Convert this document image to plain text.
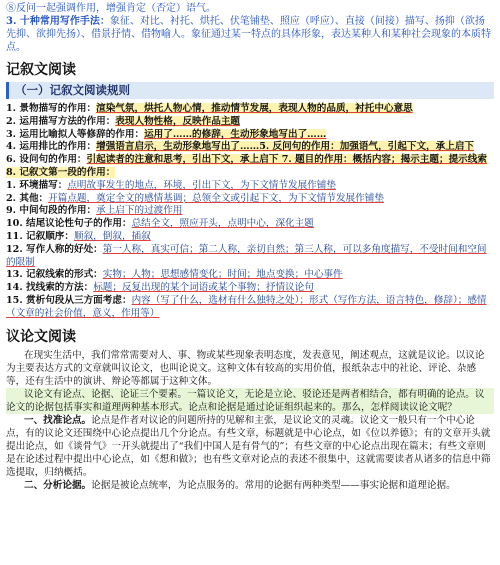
⑧反问一起强调作用，增强肯定（否定）语气。

3. 十种常用写作手法：象征、对比、衬托、烘托、伏笔铺垫、照应（呼应）、直接（间接）描写、扬抑（欲扬先抑、欲抑先扬）、借景抒情、借物喻人。象征通过某一特点的具体形象，表达某种人和某种社会现象的本质特点。

记叙文阅读
（一）记叙文阅读规则

1. 景物描写的作用：渲染气氛，烘托人物心情，推动情节发展，表现人物的品质，衬托中心意思

2. 运用描写方法的作用：表现人物性格，反映作品主题

3. 运用比喻拟人等修辞的作用：运用了……的修辞，生动形象地写出了……

4. 运用排比的作用：增强语言启示，生动形象地写出了……5. 反问句的作用：加强语气，引起下文，承上启下

6. 设问句的作用：引起读者的注意和思考，引出下文，承上启下 7. 题目的作用：概括内容；揭示主题；提示线索

8. 记叙文第一段的作用：

1. 环境描写：点明故事发生的地点，环境，引出下文，为下文情节发展作铺垫

2. 其他：开篇点题，奠定全文的感情基调；总领全文或引起下文，为下文情节发展作铺垫

9. 中间句段的作用：承上启下的过渡作用

10. 结尾议论性句子的作用：总结全文，照应开头，点明中心，深化主题

11. 记叙顺序：顺叙，倒叙，插叙

12. 写作人称的好处：第一人称，真实可信；第二人称，亲切自然；第三人称，可以多角度描写，不受时间和空间的限制

13. 记叙线索的形式：实物；人物；思想感情变化；时间；地点变换；中心事件

14. 找线索的方法：标题；反复出现的某个词语或某个事物；抒情议论句

15. 赏析句段从三方面考虑：内容（写了什么，选材有什么独特之处）；形式（写作方法，语言特色，修辞）；感情（文章的社会价值，意义，作用等）

议论文阅读

在现实生活中，我们常常需要对人、事、物或某些现象表明态度，发表意见，阐述观点，这就是议论。以议论为主要表达方式的文章就叫议论文，也叫论说文。这种文体有较高的实用价值，报纸杂志中的社论、评论、杂感等，还有生活中的演讲、辩论等都属于这种文体。

议论文有论点、论据、论证三个要素。一篇议论文，无论是立论、驳论还是两者相结合，都有明确的论点。议论文的论据包括事实和道理两种基本形式。论点和论据是通过论证组织起来的。那么，怎样阅读议论文呢？

一、找准论点。论点是作者对议论的问题所持的见解和主张，是议论文的灵魂。议论文一般只有一个中心论点，有的议论文还围绕中心论点提出几个分论点。有些文章，标题就是中心论点，如《位以养德》；有的文章开头就提出论点，如《谈骨气》一开头就提出了“我们中国人是有骨气的”；有些文章的中心论点出现在篇末；有些文章则是在论述过程中提出中心论点，如《想和做》；也有些文章对论点的表述不很集中，这就需要读者从诸多的信息中筛选提取，归纳概括。

二、分析论据。论据是被论点统率，为论点服务的。常用的论据有两种类型——事实论据和道理论据。
